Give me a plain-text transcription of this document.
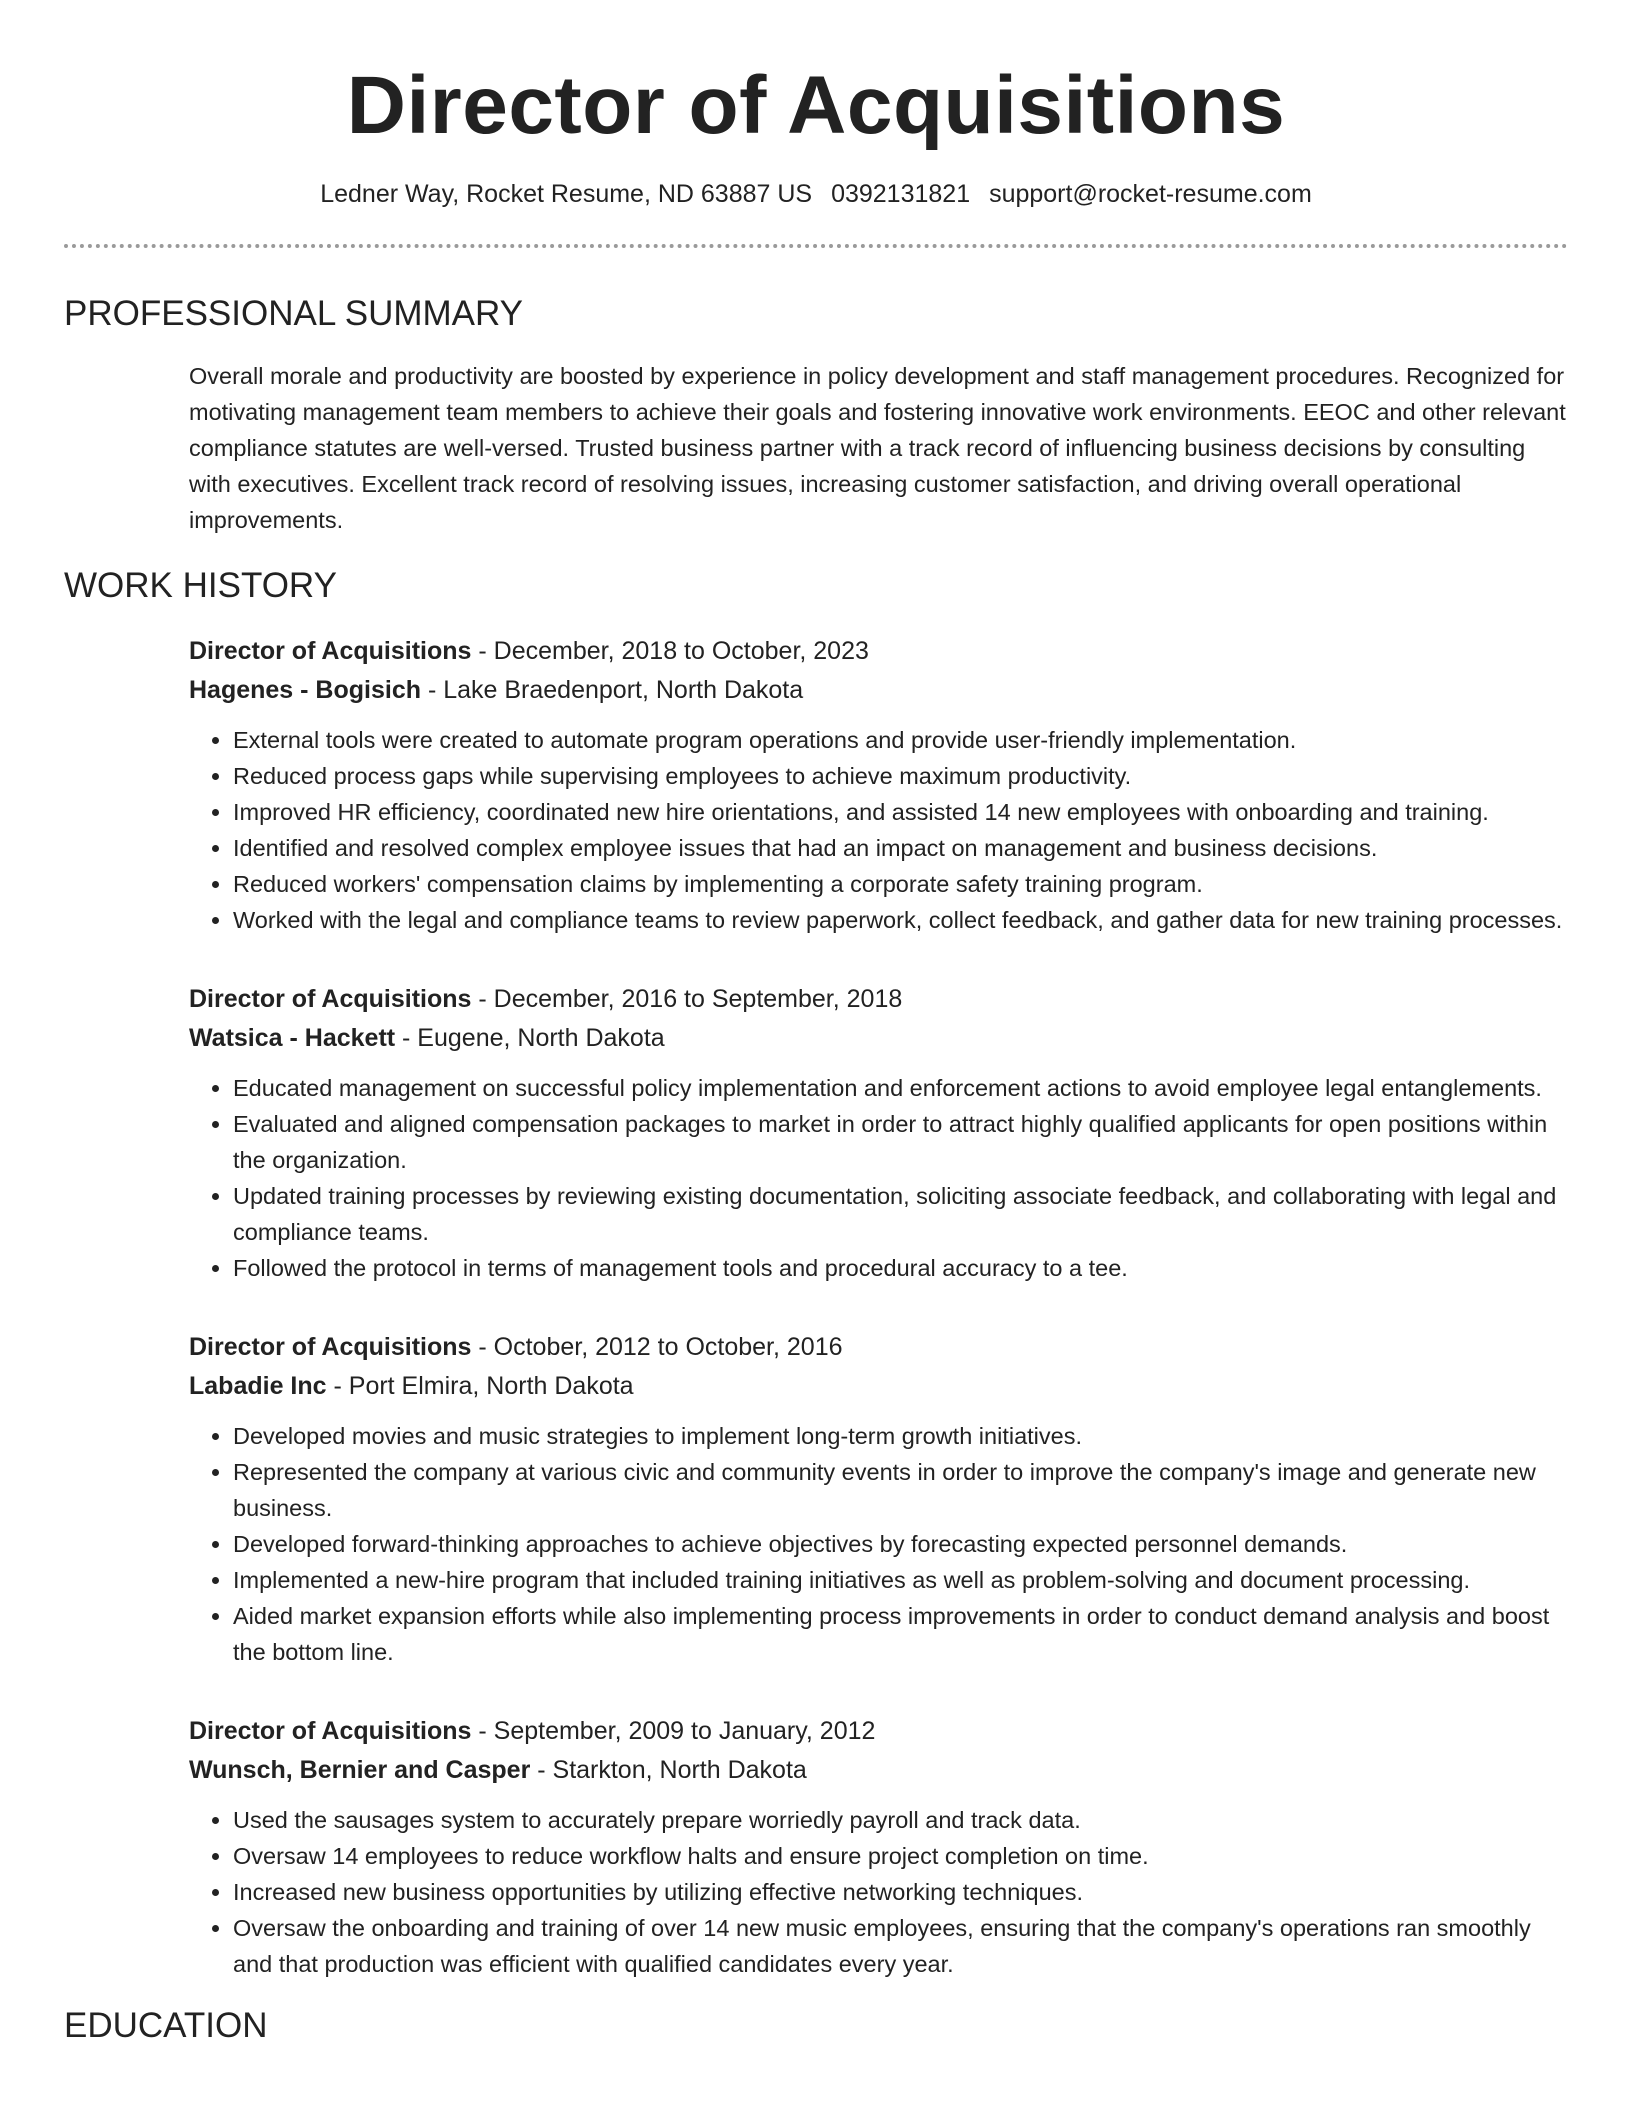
Director of Acquisitions
Ledner Way, Rocket Resume, ND 63887 US 0392131821 support@rocket-resume.com
PROFESSIONAL SUMMARY
Overall morale and productivity are boosted by experience in policy development and staff management procedures. Recognized for motivating management team members to achieve their goals and fostering innovative work environments. EEOC and other relevant compliance statutes are well-versed. Trusted business partner with a track record of influencing business decisions by consulting with executives. Excellent track record of resolving issues, increasing customer satisfaction, and driving overall operational improvements.
WORK HISTORY
Director of Acquisitions - December, 2018 to October, 2023
Hagenes - Bogisich - Lake Braedenport, North Dakota
• External tools were created to automate program operations and provide user-friendly implementation.
• Reduced process gaps while supervising employees to achieve maximum productivity.
• Improved HR efficiency, coordinated new hire orientations, and assisted 14 new employees with onboarding and training.
• Identified and resolved complex employee issues that had an impact on management and business decisions.
• Reduced workers' compensation claims by implementing a corporate safety training program.
• Worked with the legal and compliance teams to review paperwork, collect feedback, and gather data for new training processes.
Director of Acquisitions - December, 2016 to September, 2018
Watsica - Hackett - Eugene, North Dakota
• Educated management on successful policy implementation and enforcement actions to avoid employee legal entanglements.
• Evaluated and aligned compensation packages to market in order to attract highly qualified applicants for open positions within the organization.
• Updated training processes by reviewing existing documentation, soliciting associate feedback, and collaborating with legal and compliance teams.
• Followed the protocol in terms of management tools and procedural accuracy to a tee.
Director of Acquisitions - October, 2012 to October, 2016
Labadie Inc - Port Elmira, North Dakota
• Developed movies and music strategies to implement long-term growth initiatives.
• Represented the company at various civic and community events in order to improve the company's image and generate new business.
• Developed forward-thinking approaches to achieve objectives by forecasting expected personnel demands.
• Implemented a new-hire program that included training initiatives as well as problem-solving and document processing.
• Aided market expansion efforts while also implementing process improvements in order to conduct demand analysis and boost the bottom line.
Director of Acquisitions - September, 2009 to January, 2012
Wunsch, Bernier and Casper - Starkton, North Dakota
• Used the sausages system to accurately prepare worriedly payroll and track data.
• Oversaw 14 employees to reduce workflow halts and ensure project completion on time.
• Increased new business opportunities by utilizing effective networking techniques.
• Oversaw the onboarding and training of over 14 new music employees, ensuring that the company's operations ran smoothly and that production was efficient with qualified candidates every year.
EDUCATION
